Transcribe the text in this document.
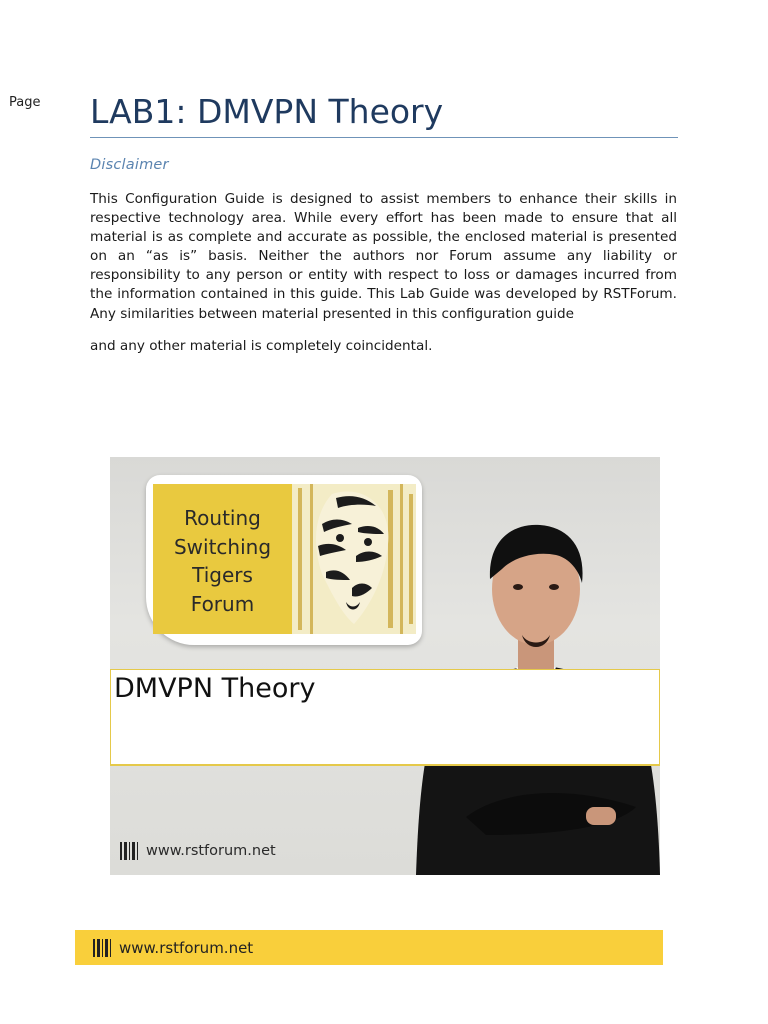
Page LAB1: DMVPN Theory
Disclaimer

This Configuration Guide is designed to assist members to enhance their skills in respective technology area. While every effort has been made to ensure that all material is as complete and accurate as possible, the enclosed material is presented on an “as is” basis. Neither the authors nor Forum assume any liability or responsibility to any person or entity with respect to loss or damages incurred from the information contained in this guide. This Lab Guide was developed by RSTForum. Any similarities between material presented in this configuration guide

and any other material is completely coincidental.

Routing
Switching
Tigers
Forum
DMVPN Theory
www.rstforum.net
www.rstforum.net
